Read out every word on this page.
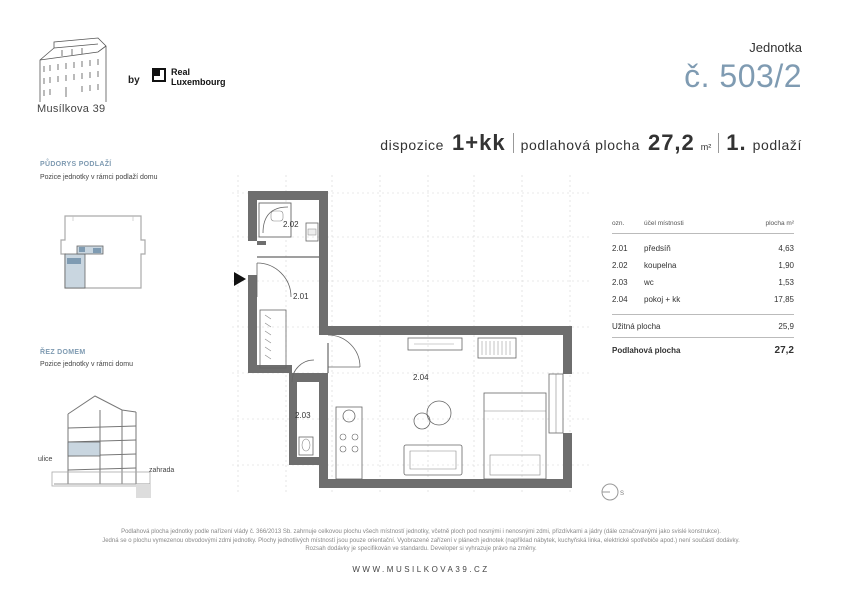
Musílkova 39
by
Real
Luxembourg
Jednotka
č. 503/2
dispozice 1+kk podlahová plocha 27,2 m² 1. podlaží
PŮDORYS PODLAŽÍ
Pozice jednotky v rámci podlaží domu
ŘEZ DOMEM
Pozice jednotky v rámci domu
ulice
zahrada
2.02
2.01
2.04
2.03
S
ozn.	účel místnosti	plocha m²
2.01	předsíň	4,63
2.02	koupelna	1,90
2.03	wc	1,53
2.04	pokoj + kk	17,85
Užitná plocha	25,9
Podlahová plocha	27,2
Podlahová plocha jednotky podle nařízení vlády č. 366/2013 Sb. zahrnuje celkovou plochu všech místností jednotky, včetně ploch pod nosnými i nenosnými zdmi, přizdívkami a jádry (dále označovanými jako svislé konstrukce).
Jedná se o plochu vymezenou obvodovými zdmi jednotky. Plochy jednotlivých místností jsou pouze orientační. Vyobrazené zařízení v plánech jednotek (například nábytek, kuchyňská linka, elektrické spotřebiče apod.) není součástí dodávky.
Rozsah dodávky je specifikován ve standardu. Developer si vyhrazuje právo na změny.
WWW.MUSILKOVA39.CZ
